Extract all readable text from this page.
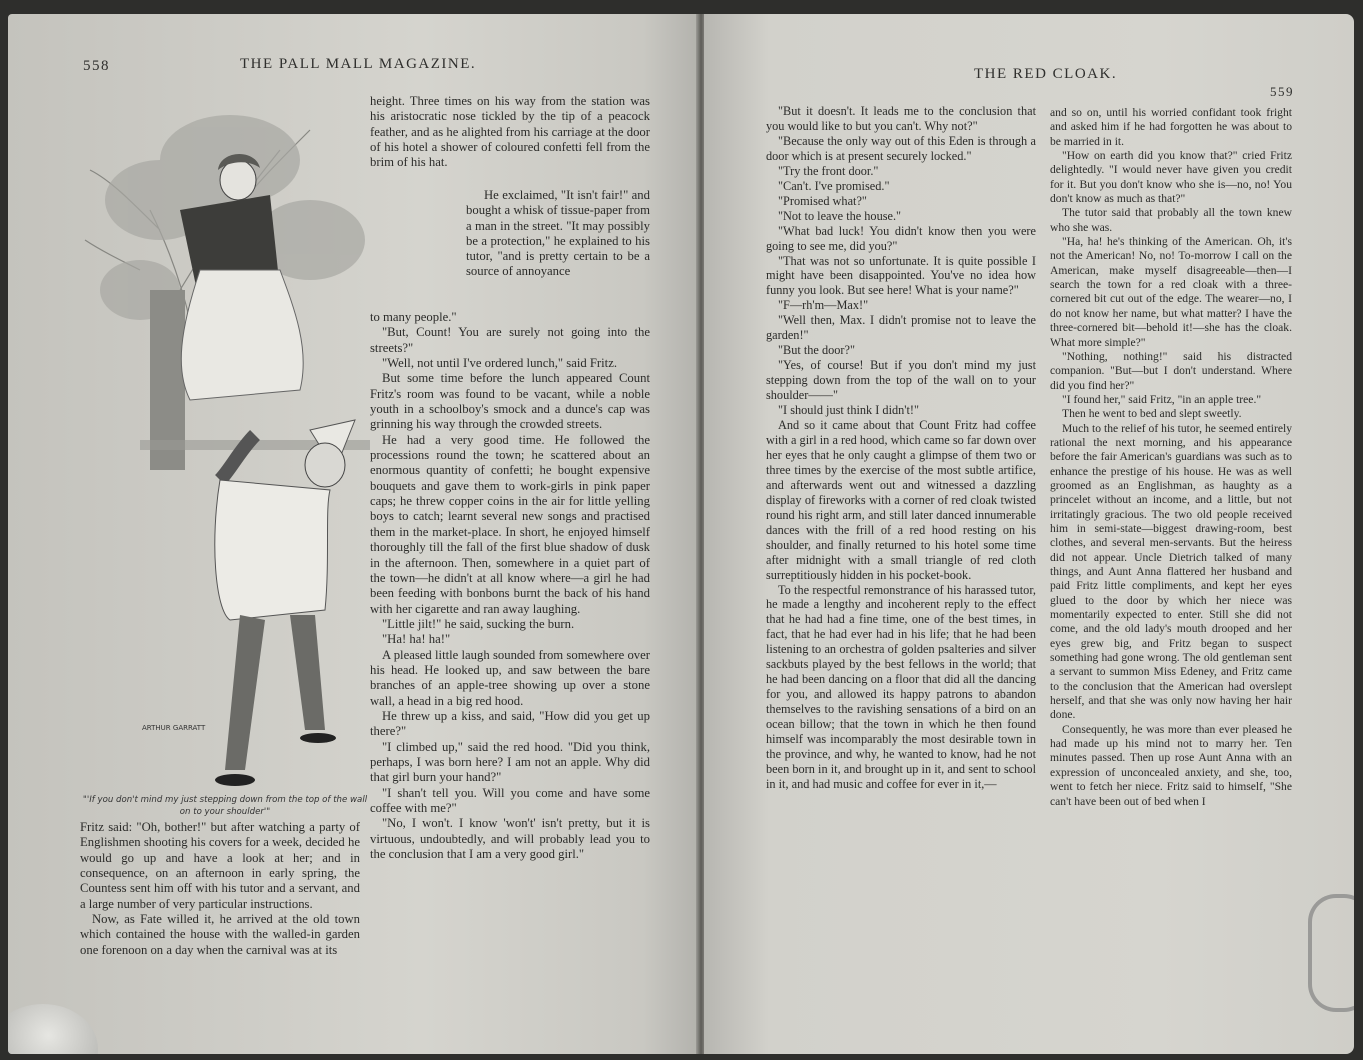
558	THE PALL MALL MAGAZINE.
ARTHUR GARRATT
"'If you don't mind my just stepping down from the top of the wall on to your shoulder'"

Fritz said: "Oh, bother!" but after watching a party of Englishmen shooting his covers for a week, decided he would go up and have a look at her; and in consequence, on an afternoon in early spring, the Countess sent him off with his tutor and a servant, and a large number of very particular instructions.

Now, as Fate willed it, he arrived at the old town which contained the house with the walled-in garden one forenoon on a day when the carnival was at its

height. Three times on his way from the station was his aristocratic nose tickled by the tip of a peacock feather, and as he alighted from his carriage at the door of his hotel a shower of coloured confetti fell from the brim of his hat.

He exclaimed, "It isn't fair!" and bought a whisk of tissue-paper from a man in the street. "It may possibly be a protection," he explained to his tutor, "and is pretty certain to be a source of annoyance

to many people."

"But, Count! You are surely not going into the streets?"

"Well, not until I've ordered lunch," said Fritz.

But some time before the lunch appeared Count Fritz's room was found to be vacant, while a noble youth in a schoolboy's smock and a dunce's cap was grinning his way through the crowded streets.

He had a very good time. He followed the processions round the town; he scattered about an enormous quantity of confetti; he bought expensive bouquets and gave them to work-girls in pink paper caps; he threw copper coins in the air for little yelling boys to catch; learnt several new songs and practised them in the market-place. In short, he enjoyed himself thoroughly till the fall of the first blue shadow of dusk in the afternoon. Then, somewhere in a quiet part of the town—he didn't at all know where—a girl he had been feeding with bonbons burnt the back of his hand with her cigarette and ran away laughing.

"Little jilt!" he said, sucking the burn.

"Ha! ha! ha!"

A pleased little laugh sounded from somewhere over his head. He looked up, and saw between the bare branches of an apple-tree showing up over a stone wall, a head in a big red hood.

He threw up a kiss, and said, "How did you get up there?"

"I climbed up," said the red hood. "Did you think, perhaps, I was born here? I am not an apple. Why did that girl burn your hand?"

"I shan't tell you. Will you come and have some coffee with me?"

"No, I won't. I know 'won't' isn't pretty, but it is virtuous, undoubtedly, and will probably lead you to the conclusion that I am a very good girl."

THE RED CLOAK.
559

"But it doesn't. It leads me to the conclusion that you would like to but you can't. Why not?"

"Because the only way out of this Eden is through a door which is at present securely locked."

"Try the front door."

"Can't. I've promised."

"Promised what?"

"Not to leave the house."

"What bad luck! You didn't know then you were going to see me, did you?"

"That was not so unfortunate. It is quite possible I might have been disappointed. You've no idea how funny you look. But see here! What is your name?"

"F—rh'm—Max!"

"Well then, Max. I didn't promise not to leave the garden!"

"But the door?"

"Yes, of course! But if you don't mind my just stepping down from the top of the wall on to your shoulder——"

"I should just think I didn't!"

And so it came about that Count Fritz had coffee with a girl in a red hood, which came so far down over her eyes that he only caught a glimpse of them two or three times by the exercise of the most subtle artifice, and afterwards went out and witnessed a dazzling display of fireworks with a corner of red cloak twisted round his right arm, and still later danced innumerable dances with the frill of a red hood resting on his shoulder, and finally returned to his hotel some time after midnight with a small triangle of red cloth surreptitiously hidden in his pocket-book.

To the respectful remonstrance of his harassed tutor, he made a lengthy and incoherent reply to the effect that he had had a fine time, one of the best times, in fact, that he had ever had in his life; that he had been listening to an orchestra of golden psalteries and silver sackbuts played by the best fellows in the world; that he had been dancing on a floor that did all the dancing for you, and allowed its happy patrons to abandon themselves to the ravishing sensations of a bird on an ocean billow; that the town in which he then found himself was incomparably the most desirable town in the province, and why, he wanted to know, had he not been born in it, and brought up in it, and sent to school in it, and had music and coffee for ever in it,—

and so on, until his worried confidant took fright and asked him if he had forgotten he was about to be married in it.

"How on earth did you know that?" cried Fritz delightedly. "I would never have given you credit for it. But you don't know who she is—no, no! You don't know as much as that?"

The tutor said that probably all the town knew who she was.

"Ha, ha! he's thinking of the American. Oh, it's not the American! No, no! To-morrow I call on the American, make myself disagreeable—then—I search the town for a red cloak with a three-cornered bit cut out of the edge. The wearer—no, I do not know her name, but what matter? I have the three-cornered bit—behold it!—she has the cloak. What more simple?"

"Nothing, nothing!" said his distracted companion. "But—but I don't understand. Where did you find her?"

"I found her," said Fritz, "in an apple tree."

Then he went to bed and slept sweetly.

Much to the relief of his tutor, he seemed entirely rational the next morning, and his appearance before the fair American's guardians was such as to enhance the prestige of his house. He was as well groomed as an Englishman, as haughty as a princelet without an income, and a little, but not irritatingly gracious. The two old people received him in semi-state—biggest drawing-room, best clothes, and several men-servants. But the heiress did not appear. Uncle Dietrich talked of many things, and Aunt Anna flattered her husband and paid Fritz little compliments, and kept her eyes glued to the door by which her niece was momentarily expected to enter. Still she did not come, and the old lady's mouth drooped and her eyes grew big, and Fritz began to suspect something had gone wrong. The old gentleman sent a servant to summon Miss Edeney, and Fritz came to the conclusion that the American had overslept herself, and that she was only now having her hair done.

Consequently, he was more than ever pleased he had made up his mind not to marry her. Ten minutes passed. Then up rose Aunt Anna with an expression of unconcealed anxiety, and she, too, went to fetch her niece. Fritz said to himself, "She can't have been out of bed when I
